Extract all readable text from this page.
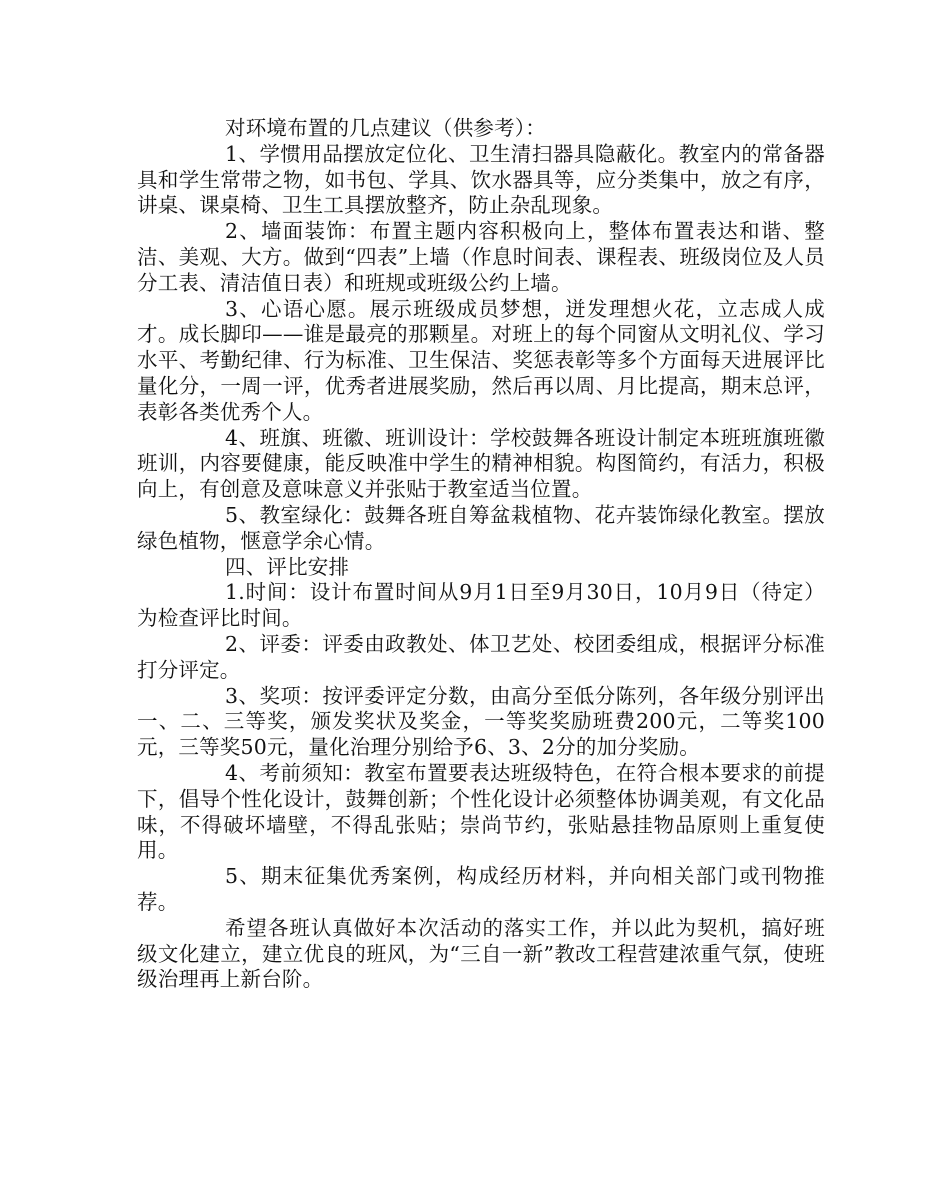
对环境布置的几点建议（供参考）：

1、学惯用品摆放定位化、卫生清扫器具隐蔽化。教室内的常备器具和学生常带之物，如书包、学具、饮水器具等，应分类集中，放之有序，讲桌、课桌椅、卫生工具摆放整齐，防止杂乱现象。

2、墙面装饰：布置主题内容积极向上，整体布置表达和谐、整洁、美观、大方。做到“四表”上墙（作息时间表、课程表、班级岗位及人员分工表、清洁值日表）和班规或班级公约上墙。

3、心语心愿。展示班级成员梦想，迸发理想火花，立志成人成才。成长脚印——谁是最亮的那颗星。对班上的每个同窗从文明礼仪、学习水平、考勤纪律、行为标准、卫生保洁、奖惩表彰等多个方面每天进展评比量化分，一周一评，优秀者进展奖励，然后再以周、月比提高，期末总评，表彰各类优秀个人。

4、班旗、班徽、班训设计：学校鼓舞各班设计制定本班班旗班徽班训，内容要健康，能反映准中学生的精神相貌。构图简约，有活力，积极向上，有创意及意味意义并张贴于教室适当位置。

5、教室绿化：鼓舞各班自筹盆栽植物、花卉装饰绿化教室。摆放绿色植物，惬意学余心情。

四、评比安排

1.时间：设计布置时间从9月1日至9月30日，10月9日（待定）为检查评比时间。

2、评委：评委由政教处、体卫艺处、校团委组成，根据评分标准打分评定。

3、奖项：按评委评定分数，由高分至低分陈列，各年级分别评出一、二、三等奖，颁发奖状及奖金，一等奖奖励班费200元，二等奖100元，三等奖50元，量化治理分别给予6、3、2分的加分奖励。

4、考前须知：教室布置要表达班级特色，在符合根本要求的前提下，倡导个性化设计，鼓舞创新；个性化设计必须整体协调美观，有文化品味，不得破坏墙壁，不得乱张贴；崇尚节约，张贴悬挂物品原则上重复使用。

5、期末征集优秀案例，构成经历材料，并向相关部门或刊物推荐。

希望各班认真做好本次活动的落实工作，并以此为契机，搞好班级文化建立，建立优良的班风，为“三自一新”教改工程营建浓重气氛，使班级治理再上新台阶。
